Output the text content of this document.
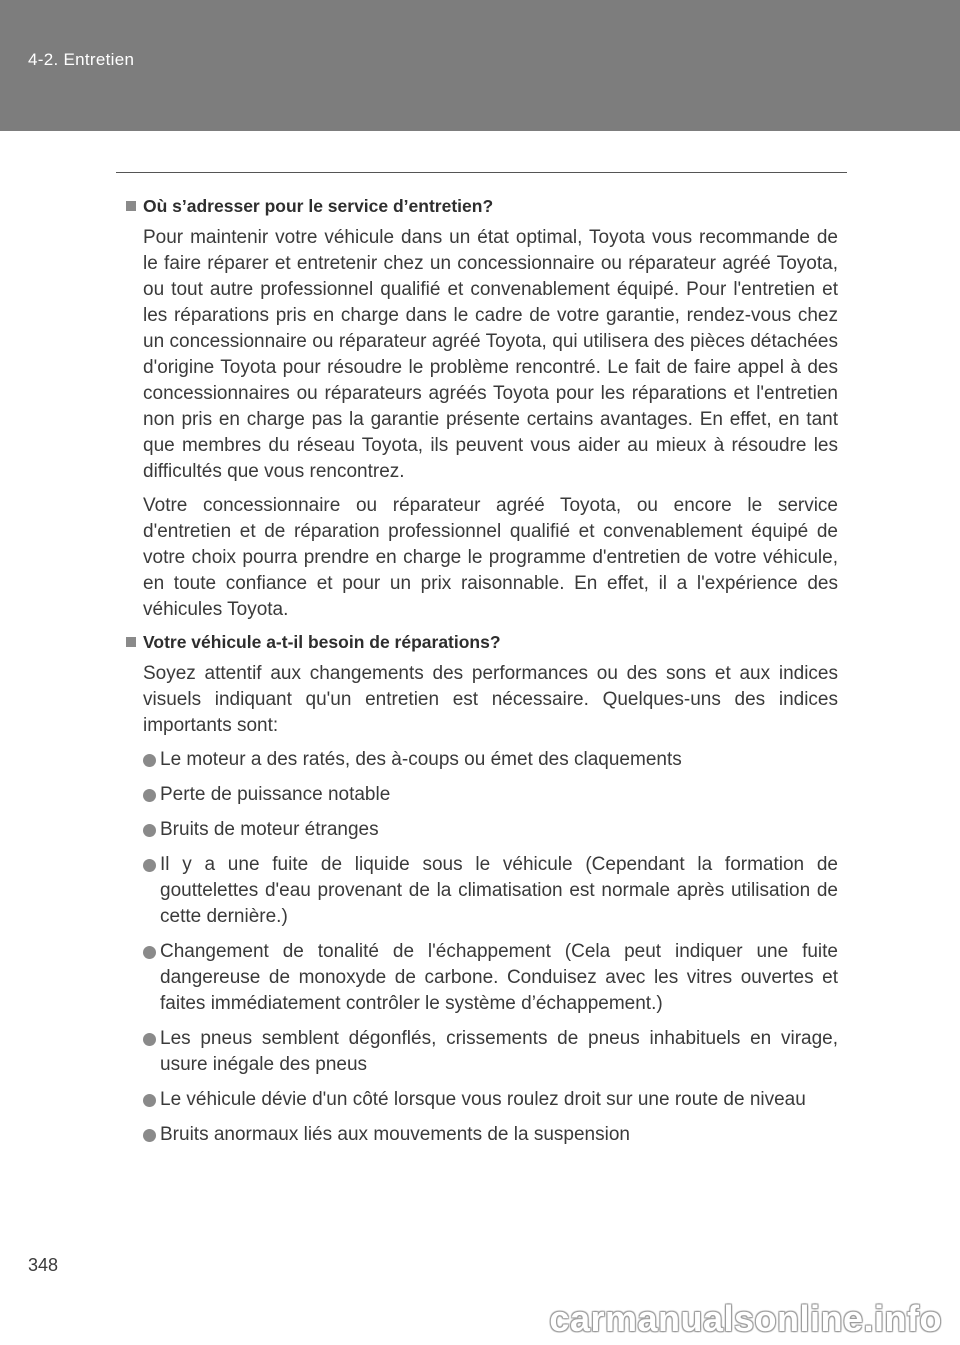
4-2. Entretien
Où s’adresser pour le service d’entretien?

Pour maintenir votre véhicule dans un état optimal, Toyota vous recommande de le faire réparer et entretenir chez un concessionnaire ou réparateur agréé Toyota, ou tout autre professionnel qualifié et convenablement équipé. Pour l'entretien et les réparations pris en charge dans le cadre de votre garantie, rendez-vous chez un concessionnaire ou réparateur agréé Toyota, qui utilisera des pièces détachées d'origine Toyota pour résoudre le problème rencontré. Le fait de faire appel à des concessionnaires ou réparateurs agréés Toyota pour les réparations et l'entretien non pris en charge pas la garantie présente certains avantages. En effet, en tant que membres du réseau Toyota, ils peuvent vous aider au mieux à résoudre les difficultés que vous rencontrez.

Votre concessionnaire ou réparateur agréé Toyota, ou encore le service d'entretien et de réparation professionnel qualifié et convenablement équipé de votre choix pourra prendre en charge le programme d'entretien de votre véhicule, en toute confiance et pour un prix raisonnable. En effet, il a l'expérience des véhicules Toyota.

Votre véhicule a-t-il besoin de réparations?

Soyez attentif aux changements des performances ou des sons et aux indices visuels indiquant qu'un entretien est nécessaire. Quelques-uns des indices importants sont:

Le moteur a des ratés, des à-coups ou émet des claquements
Perte de puissance notable
Bruits de moteur étranges
Il y a une fuite de liquide sous le véhicule (Cependant la formation de gouttelettes d'eau provenant de la climatisation est normale après utilisation de cette dernière.)
Changement de tonalité de l'échappement (Cela peut indiquer une fuite dangereuse de monoxyde de carbone. Conduisez avec les vitres ouvertes et faites immédiatement contrôler le système d’échappement.)
Les pneus semblent dégonflés, crissements de pneus inhabituels en virage, usure inégale des pneus
Le véhicule dévie d'un côté lorsque vous roulez droit sur une route de niveau
Bruits anormaux liés aux mouvements de la suspension
348
carmanualsonline.info
